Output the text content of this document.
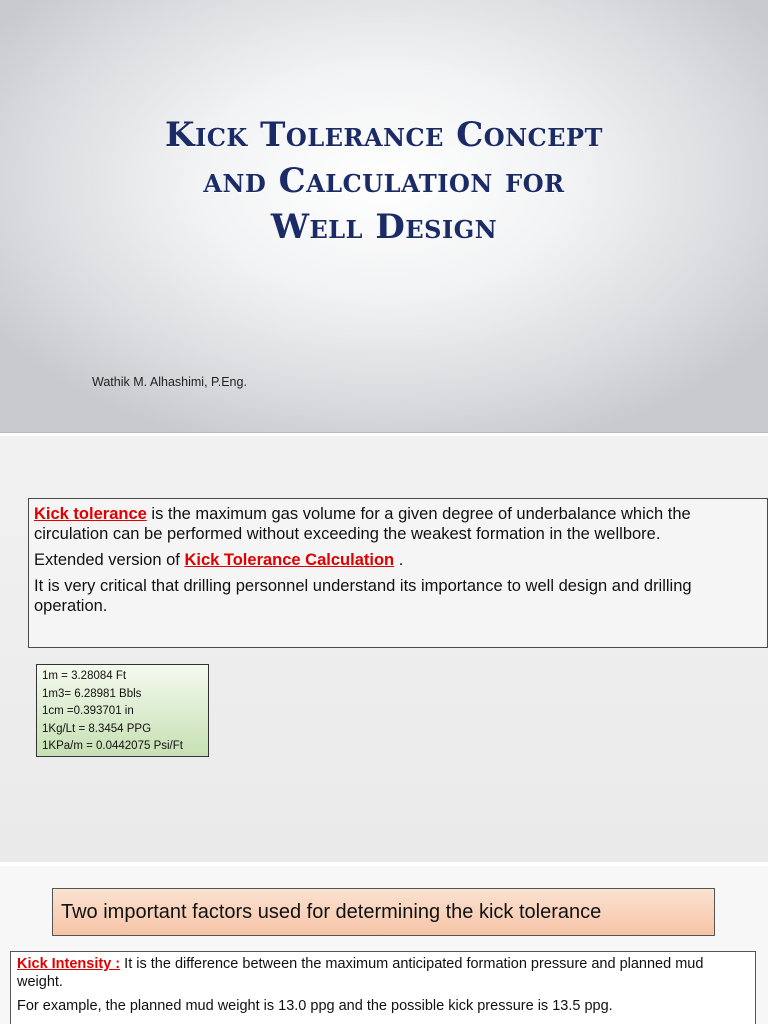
Kick Tolerance Concept
and Calculation for
Well Design
Wathik M. Alhashimi, P.Eng.

Kick tolerance is the maximum gas volume for a given degree of underbalance which the circulation can be performed without exceeding the weakest formation in the wellbore.

Extended version of Kick Tolerance Calculation .

It is very critical that drilling personnel understand its importance to well design and drilling operation.

1m = 3.28084 Ft
1m3= 6.28981 Bbls
1cm =0.393701 in
1Kg/Lt = 8.3454 PPG
1KPa/m = 0.0442075 Psi/Ft
Two important factors used for determining the kick tolerance

Kick Intensity : It is the difference between the maximum anticipated formation pressure and planned mud weight.

For example, the planned mud weight is 13.0 ppg and the possible kick pressure is 13.5 ppg.
